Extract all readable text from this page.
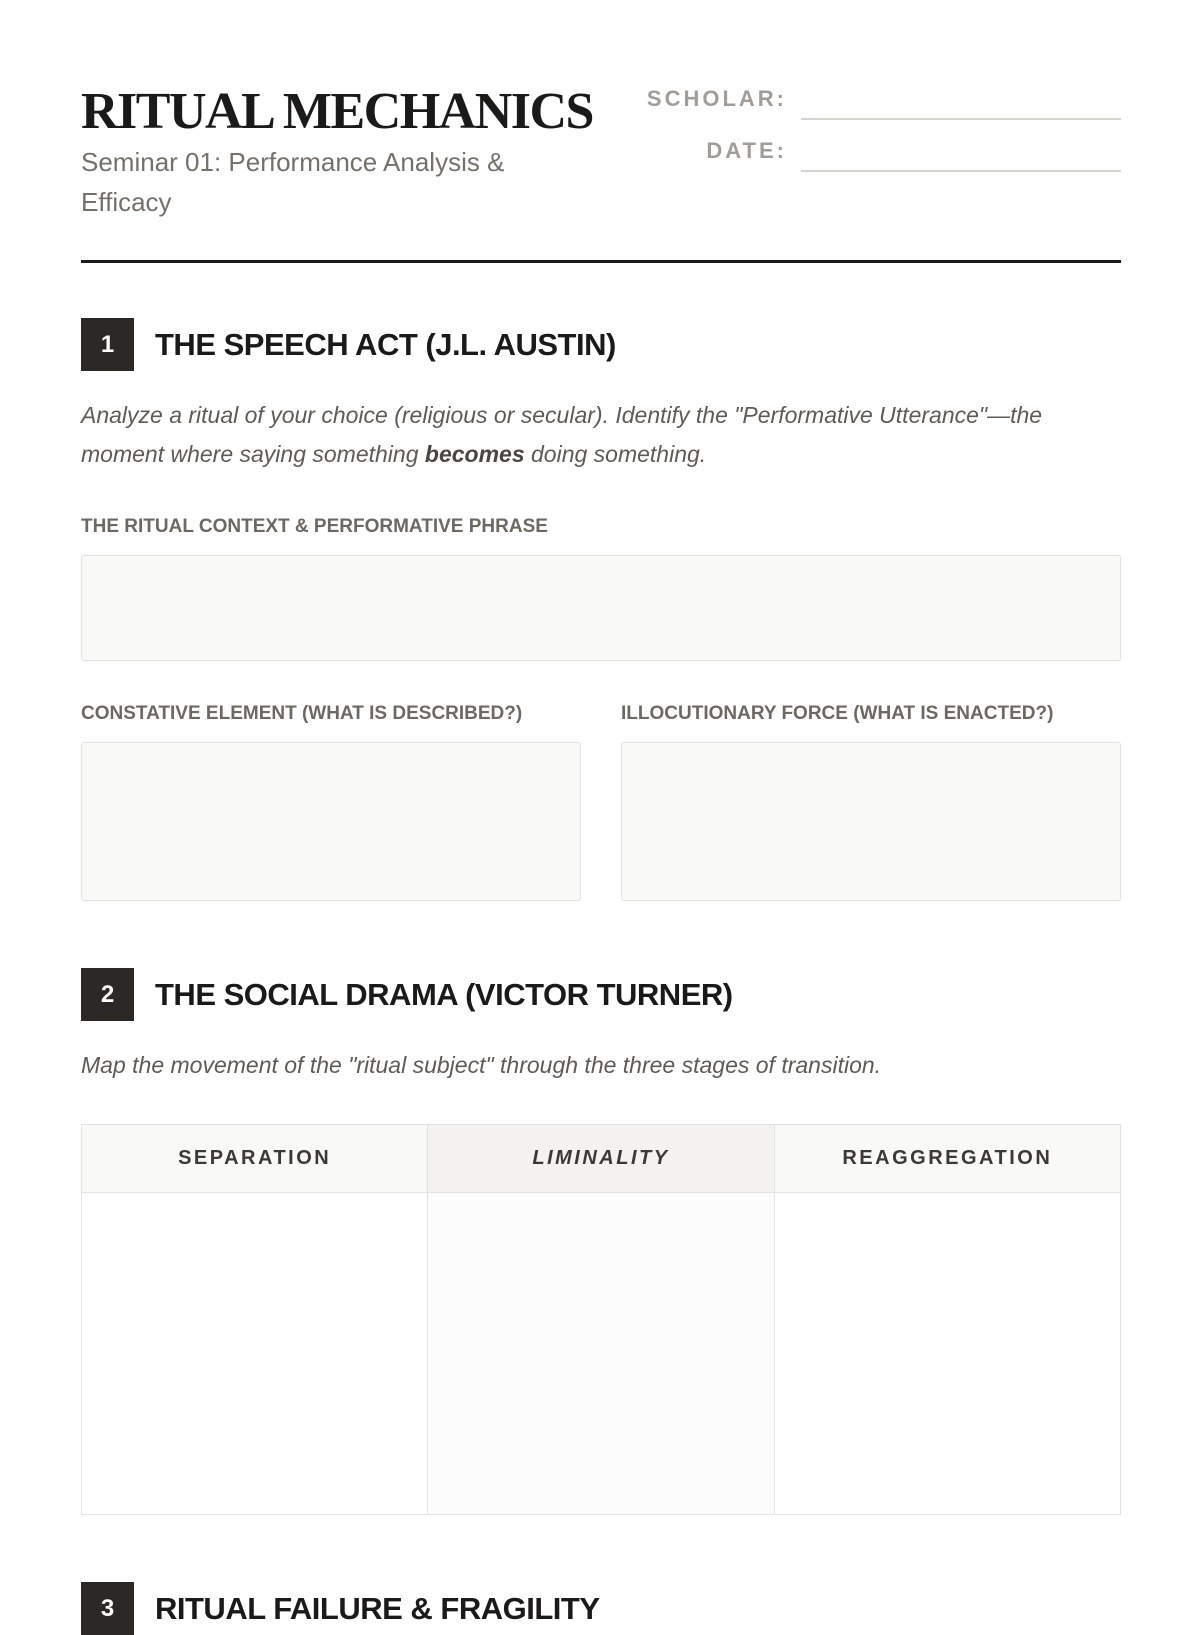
RITUAL MECHANICS
Seminar 01: Performance Analysis & Efficacy
SCHOLAR:
DATE:
1	THE SPEECH ACT (J.L. AUSTIN)

Analyze a ritual of your choice (religious or secular). Identify the "Performative Utterance"—the moment where saying something becomes doing something.

THE RITUAL CONTEXT & PERFORMATIVE PHRASE
CONSTATIVE ELEMENT (WHAT IS DESCRIBED?)	ILLOCUTIONARY FORCE (WHAT IS ENACTED?)
2	THE SOCIAL DRAMA (VICTOR TURNER)

Map the movement of the "ritual subject" through the three stages of transition.

SEPARATION	LIMINALITY	REAGGREGATION
3	RITUAL FAILURE & FRAGILITY
